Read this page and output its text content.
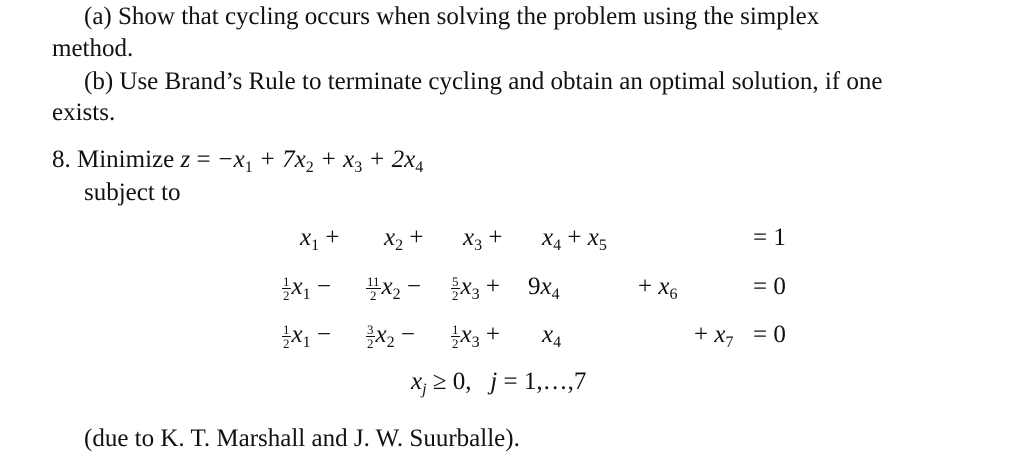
(a) Show that cycling occurs when solving the problem using the simplex
method.
(b) Use Brand’s Rule to terminate cycling and obtain an optimal solution, if one
exists.
8. Minimize $z = -x_1 + 7x_2 + x_3 + 2x_4$
subject to
$x_1 + x_2 + x_3 + x_4 + x_5$	= 1
$\frac{1}{2} x_1$ −	$\frac{11}{2} x_2 - \frac{5}{2} x_3 + 9x_4$	+ $x_6$	= 0
$\frac{1}{2} x_1$ −	$\frac{3}{2} x_2$ −	$\frac{1}{2} x_3 + x_4$	+ $x_7 = 0$
$x_j \ge 0$, j = 1,…,7
(due to K. T. Marshall and J. W. Suurballe).
